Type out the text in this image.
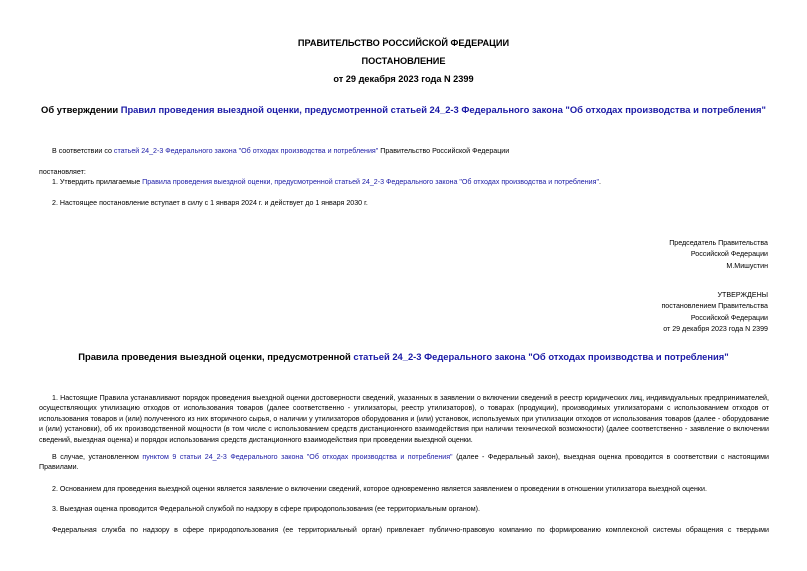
ПРАВИТЕЛЬСТВО РОССИЙСКОЙ ФЕДЕРАЦИИ
ПОСТАНОВЛЕНИЕ
от 29 декабря 2023 года N 2399
Об утверждении Правил проведения выездной оценки, предусмотренной статьей 24_2-3 Федерального закона "Об отходах производства и потребления"
В соответствии со статьей 24_2-3 Федерального закона "Об отходах производства и потребления" Правительство Российской Федерации
постановляет:
1. Утвердить прилагаемые Правила проведения выездной оценки, предусмотренной статьей 24_2-3 Федерального закона "Об отходах производства и потребления".
2. Настоящее постановление вступает в силу с 1 января 2024 г. и действует до 1 января 2030 г.
Председатель Правительства
Российской Федерации
М.Мишустин
УТВЕРЖДЕНЫ
постановлением Правительства
Российской Федерации
от 29 декабря 2023 года N 2399
Правила проведения выездной оценки, предусмотренной статьей 24_2-3 Федерального закона "Об отходах производства и потребления"
1. Настоящие Правила устанавливают порядок проведения выездной оценки достоверности сведений, указанных в заявлении о включении сведений в реестр юридических лиц, индивидуальных предпринимателей, осуществляющих утилизацию отходов от использования товаров (далее соответственно - утилизаторы, реестр утилизаторов), о товарах (продукции), производимых утилизаторами с использованием отходов от использования товаров и (или) полученного из них вторичного сырья, о наличии у утилизаторов оборудования и (или) установок, используемых при утилизации отходов от использования товаров (далее - оборудование и (или) установки), об их производственной мощности (в том числе с использованием средств дистанционного взаимодействия при наличии технической возможности) (далее соответственно - заявление о включении сведений, выездная оценка) и порядок использования средств дистанционного взаимодействия при проведении выездной оценки.
В случае, установленном пунктом 9 статьи 24_2-3 Федерального закона "Об отходах производства и потребления" (далее - Федеральный закон), выездная оценка проводится в соответствии с настоящими Правилами.
2. Основанием для проведения выездной оценки является заявление о включении сведений, которое одновременно является заявлением о проведении в отношении утилизатора выездной оценки.
3. Выездная оценка проводится Федеральной службой по надзору в сфере природопользования (ее территориальным органом).
Федеральная служба по надзору в сфере природопользования (ее территориальный орган) привлекает публично-правовую компанию по формированию комплексной системы обращения с твердыми
